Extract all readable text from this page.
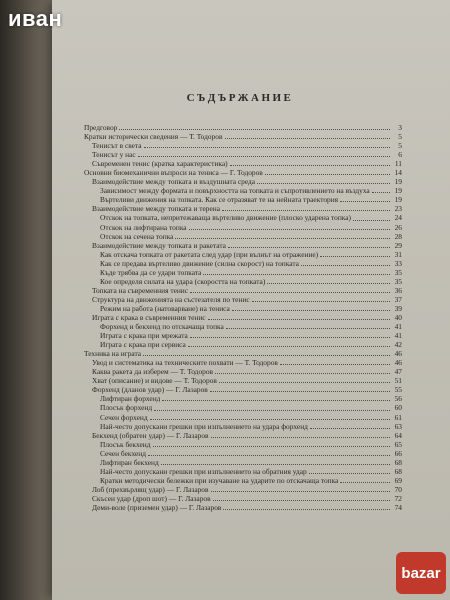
СЪДЪРЖАНИЕ
Предговор	3
Кратки исторически сведения — Т. Тодоров	5
Тенисът в света	5
Тенисът у нас	6
Съвременен тенис (кратка характеристика)	11
Основни биомеханични въпроси на тениса — Г. Тодоров	14
Взаимодействие между топката и въздушната среда	19
Зависимост между формата и повърхността на топката и съпротивлението на въздуха	19
Въртеливи движения на топката. Как се отразяват те на нейната траектория	19
Взаимодействие между топката и терена	23
Отскок на топката, непритежаваща въртеливо движение (плоско ударена топка)	24
Отскок на лифтирана топка	26
Отскок на сечена топка	28
Взаимодействие между топката и ракетата	29
Как отскача топката от ракетата след удар (при вълнът на отражение)	31
Как се предава въртеливо движение (силна скорост) на топката	33
Къде трябва да се удари топката	35
Кое определя силата на удара (скоростта на топката)	35
Топката на съвременния тенис	36
Структура на движенията на състезателя по тенис	37
Режим на работа (натоварване) на тениса	39
Играта с крака в съвременния тенис	40
Форхенд и бекхенд по отскачаща топка	41
Играта с крака при мрежата	41
Играта с крака при сервиса	42
Техника на играта	46
Увод и систематика на техническите похвати — Т. Тодоров	46
Каква ракета да изберем — Т. Тодоров	47
Хват (описание) и видове — Т. Тодоров	51
Форхенд (дланов удар) — Г. Лазаров	55
Лифтиран форхенд	56
Плосък форхенд	60
Сечен форхенд	61
Най-често допускани грешки при изпълнението на удара форхенд	63
Бекхенд (обратен удар) — Г. Лазаров	64
Плосък бекхенд	65
Сечен бекхенд	66
Лифтиран бекхенд	68
Най-често допускани грешки при изпълнението на обратния удар	68
Кратки методически бележки при изучаване на ударите по отскачаща топка	69
Лоб (прехвърлящ удар) — Г. Лазаров	70
Скъсен удар (дроп шот) — Г. Лазаров	72
Деми-воле (приземен удар) — Г. Лазаров	74
иван
bazar
